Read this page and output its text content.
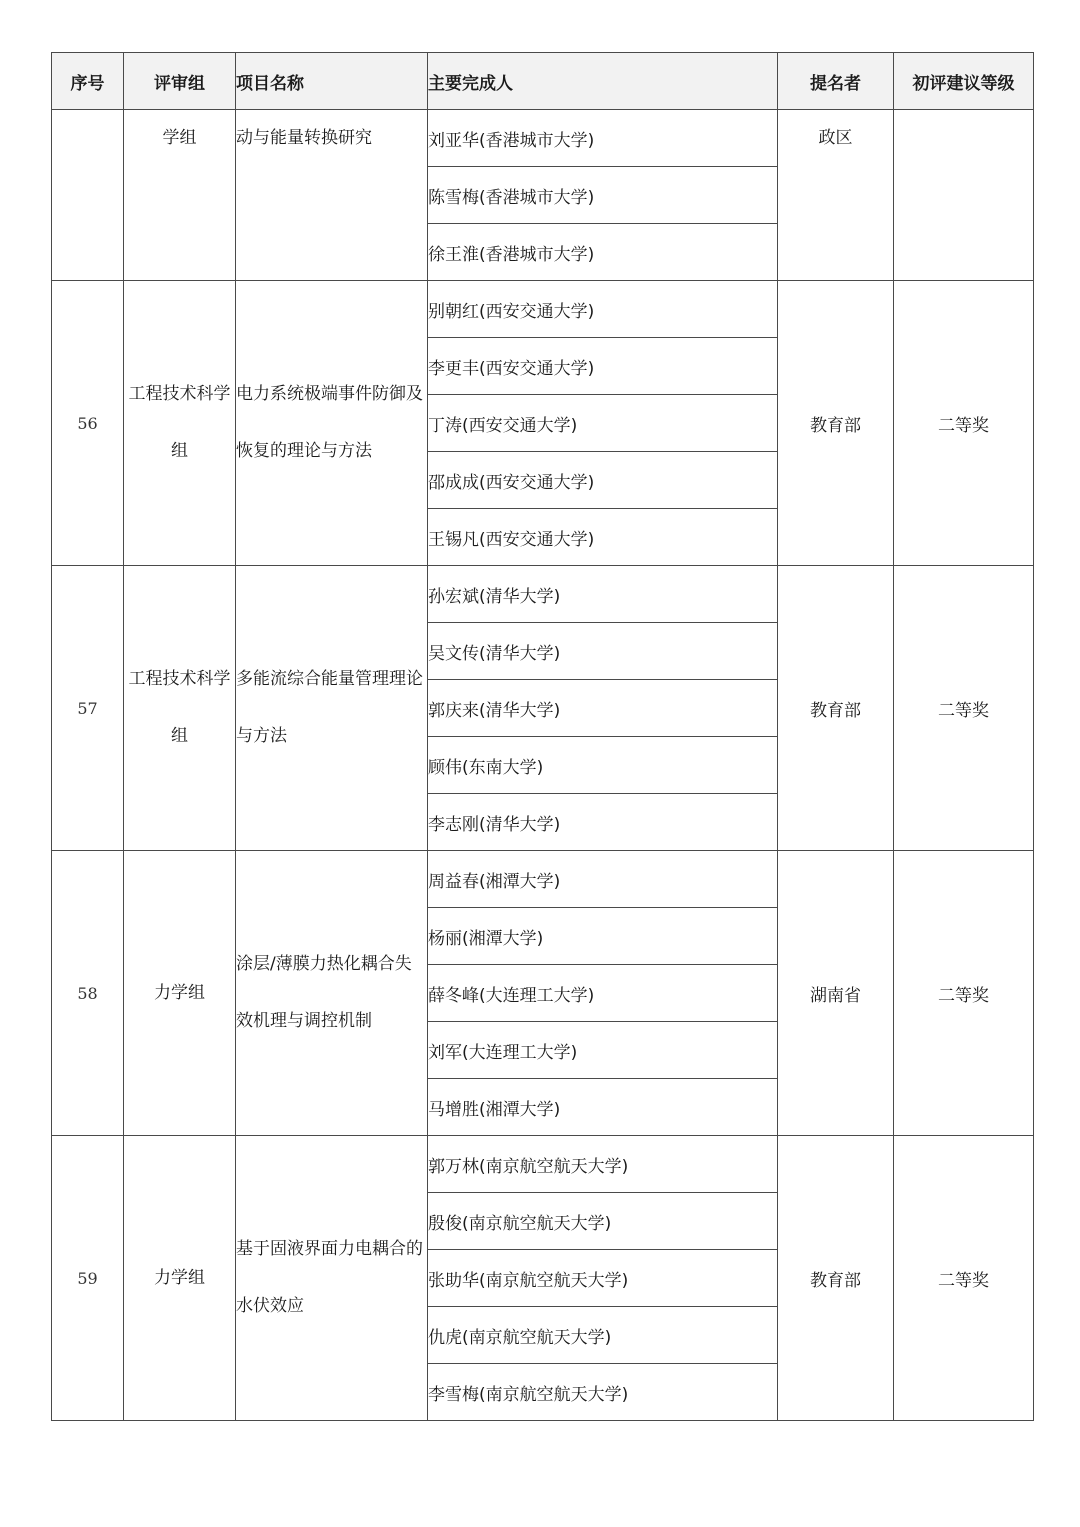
序号	评审组	项目名称	主要完成人	提名者	初评建议等级
	学组	动与能量转换研究	刘亚华(香港城市大学)	政区	
			陈雪梅(香港城市大学)		
			徐王淮(香港城市大学)		
56	工程技术科学组	电力系统极端事件防御及恢复的理论与方法	别朝红(西安交通大学)	教育部	二等奖
			李更丰(西安交通大学)		
			丁涛(西安交通大学)		
			邵成成(西安交通大学)		
			王锡凡(西安交通大学)		
57	工程技术科学组	多能流综合能量管理理论与方法	孙宏斌(清华大学)	教育部	二等奖
			吴文传(清华大学)		
			郭庆来(清华大学)		
			顾伟(东南大学)		
			李志刚(清华大学)		
58	力学组	涂层/薄膜力热化耦合失效机理与调控机制	周益春(湘潭大学)	湖南省	二等奖
			杨丽(湘潭大学)		
			薛冬峰(大连理工大学)		
			刘军(大连理工大学)		
			马增胜(湘潭大学)		
59	力学组	基于固液界面力电耦合的水伏效应	郭万林(南京航空航天大学)	教育部	二等奖
			殷俊(南京航空航天大学)		
			张助华(南京航空航天大学)		
			仇虎(南京航空航天大学)		
			李雪梅(南京航空航天大学)		
